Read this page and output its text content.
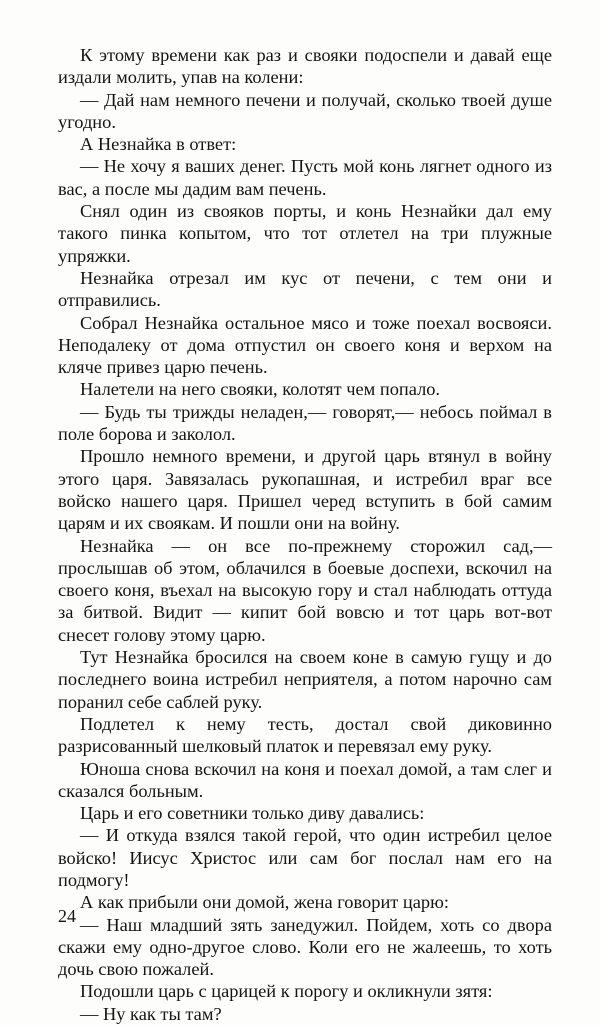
К этому времени как раз и свояки подоспели и давай еще издали молить, упав на колени:

— Дай нам немного печени и получай, сколько твоей душе угодно.

А Незнайка в ответ:

— Не хочу я ваших денег. Пусть мой конь лягнет одного из вас, а после мы дадим вам печень.

Снял один из свояков порты, и конь Незнайки дал ему такого пинка копытом, что тот отлетел на три плужные упряжки.

Незнайка отрезал им кус от печени, с тем они и отправились.

Собрал Незнайка остальное мясо и тоже поехал восвояси. Неподалеку от дома отпустил он своего коня и верхом на кляче привез царю печень.

Налетели на него свояки, колотят чем попало.

— Будь ты трижды неладен,— говорят,— небось поймал в поле борова и заколол.

Прошло немного времени, и другой царь втянул в войну этого царя. Завязалась рукопашная, и истребил враг все войско нашего царя. Пришел черед вступить в бой самим царям и их своякам. И пошли они на войну.

Незнайка — он все по-прежнему сторожил сад,— прослышав об этом, облачился в боевые доспехи, вскочил на своего коня, въехал на высокую гору и стал наблюдать оттуда за битвой. Видит — кипит бой вовсю и тот царь вот-вот снесет голову этому царю.

Тут Незнайка бросился на своем коне в самую гущу и до последнего воина истребил неприятеля, а потом нарочно сам поранил себе саблей руку.

Подлетел к нему тесть, достал свой диковинно разрисованный шелковый платок и перевязал ему руку.

Юноша снова вскочил на коня и поехал домой, а там слег и сказался больным.

Царь и его советники только диву давались:

— И откуда взялся такой герой, что один истребил целое войско! Иисус Христос или сам бог послал нам его на подмогу!

А как прибыли они домой, жена говорит царю:

— Наш младший зять занедужил. Пойдем, хоть со двора скажи ему одно-другое слово. Коли его не жалеешь, то хоть дочь свою пожалей.

Подошли царь с царицей к порогу и окликнули зятя:

— Ну как ты там?

24
